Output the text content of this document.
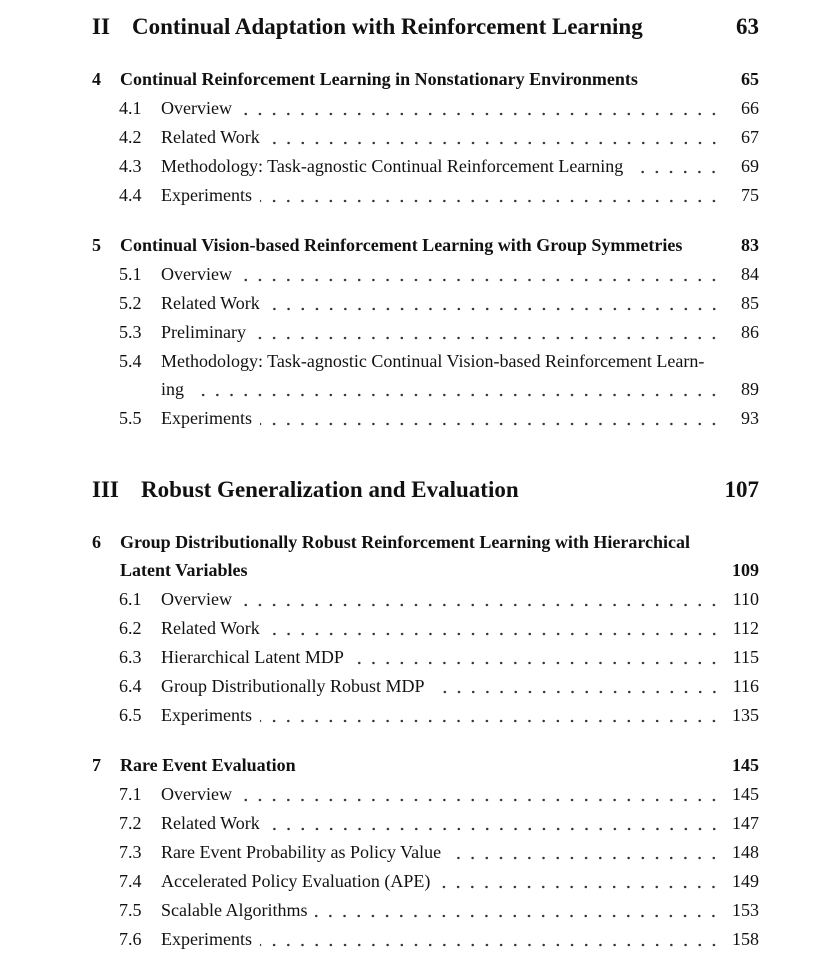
II Continual Adaptation with Reinforcement Learning	63
4	Continual Reinforcement Learning in Nonstationary Environments	65
4.1	Overview	66
4.2	Related Work	67
4.3	Methodology: Task-agnostic Continual Reinforcement Learning	69
4.4	Experiments	75
5	Continual Vision-based Reinforcement Learning with Group Symmetries	83
5.1	Overview	84
5.2	Related Work	85
5.3	Preliminary	86
5.4	Methodology: Task-agnostic Continual Vision-based Reinforcement Learn-
ing	89
5.5	Experiments	93
III Robust Generalization and Evaluation	107
6	Group Distributionally Robust Reinforcement Learning with Hierarchical
Latent Variables	109
6.1	Overview	110
6.2	Related Work	112
6.3	Hierarchical Latent MDP	115
6.4	Group Distributionally Robust MDP	116
6.5	Experiments	135
7	Rare Event Evaluation	145
7.1	Overview	145
7.2	Related Work	147
7.3	Rare Event Probability as Policy Value	148
7.4	Accelerated Policy Evaluation (APE)	149
7.5	Scalable Algorithms	153
7.6	Experiments	158
